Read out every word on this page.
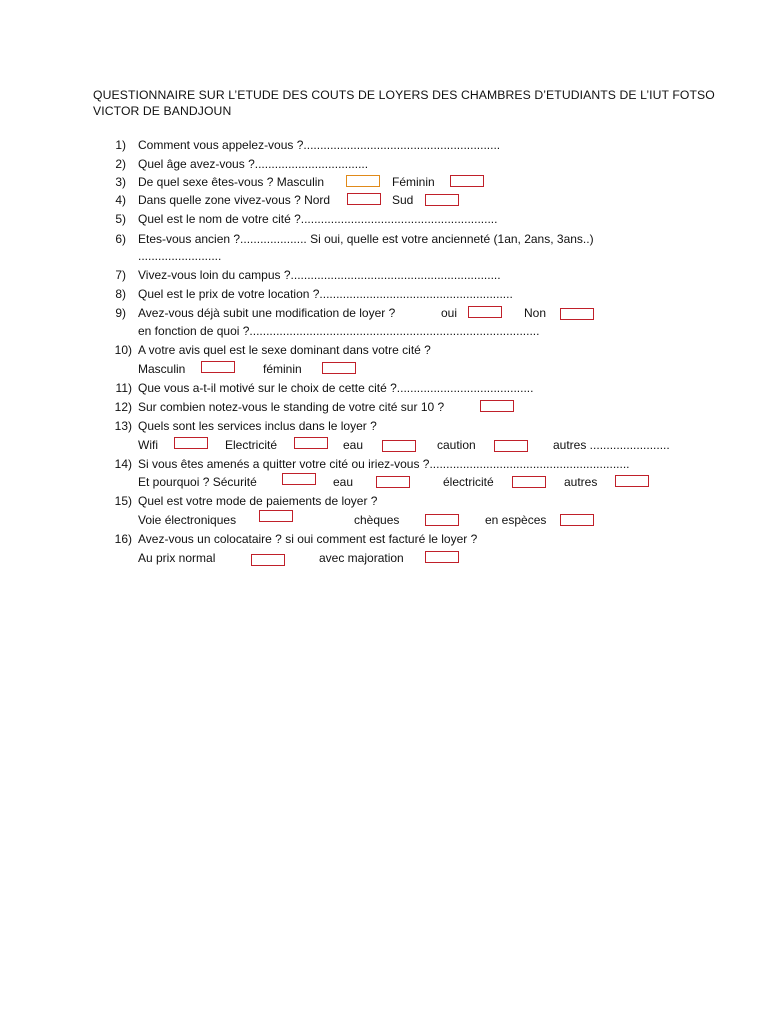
QUESTIONNAIRE SUR L’ETUDE DES COUTS DE LOYERS DES CHAMBRES D’ETUDIANTS DE L’IUT FOTSO
VICTOR DE BANDJOUN
1) Comment vous appelez-vous ?...........................................................
2) Quel âge avez-vous ?..................................
3) De quel sexe êtes-vous ? Masculin	Féminin
4) Dans quelle zone vivez-vous ? Nord	Sud
5) Quel est le nom de votre cité ?...........................................................
6) Etes-vous ancien ?.................... Si oui, quelle est votre ancienneté (1an, 2ans, 3ans..)
.........................
7) Vivez-vous loin du campus ?...............................................................
8) Quel est le prix de votre location ?..........................................................
9) Avez-vous déjà subit une modification de loyer ?	oui	Non
en fonction de quoi ?.......................................................................................
10) A votre avis quel est le sexe dominant dans votre cité ?
Masculin	féminin
11) Que vous a-t-il motivé sur le choix de cette cité ?.........................................
12) Sur combien notez-vous le standing de votre cité sur 10 ?
13) Quels sont les services inclus dans le loyer ?
Wifi	Electricité	eau	caution	autres ........................
14) Si vous êtes amenés a quitter votre cité ou iriez-vous ?............................................................
Et pourquoi ? Sécurité	eau	électricité	autres
15) Quel est votre mode de paiements de loyer ?
Voie électroniques	chèques	en espèces
16) Avez-vous un colocataire ? si oui comment est facturé le loyer ?
Au prix normal	avec majoration
